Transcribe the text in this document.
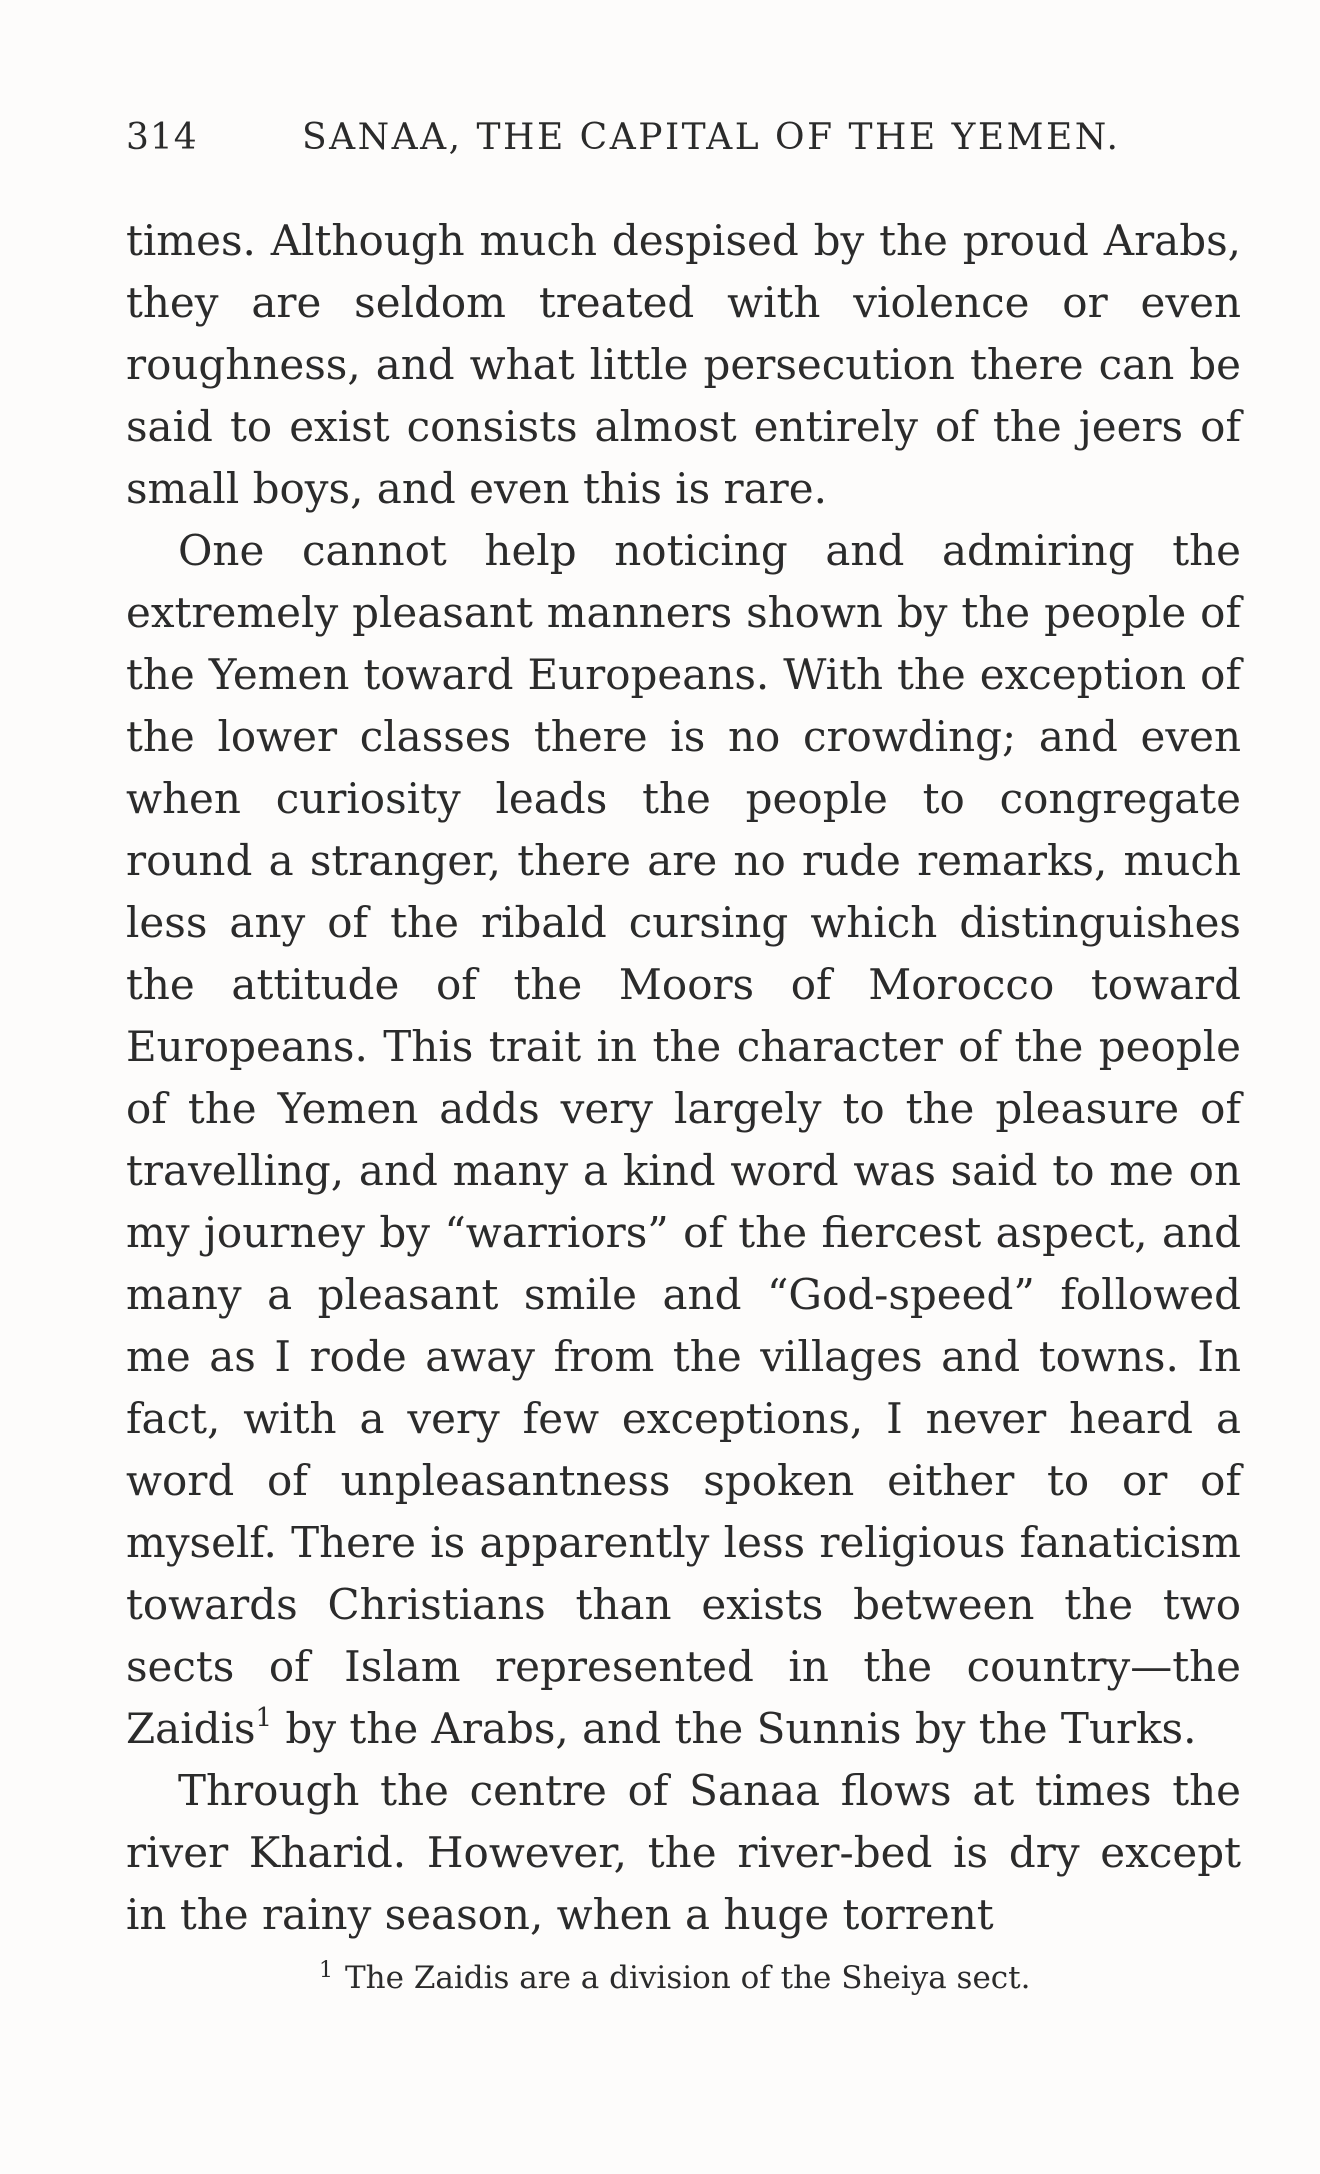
314	SANAA, THE CAPITAL OF THE YEMEN.

times. Although much despised by the proud Arabs, they are seldom treated with violence or even roughness, and what little persecution there can be said to exist consists almost entirely of the jeers of small boys, and even this is rare.

One cannot help noticing and admiring the extremely pleasant manners shown by the people of the Yemen toward Europeans. With the exception of the lower classes there is no crowding; and even when curiosity leads the people to congregate round a stranger, there are no rude remarks, much less any of the ribald cursing which distinguishes the attitude of the Moors of Morocco toward Europeans. This trait in the character of the people of the Yemen adds very largely to the pleasure of travelling, and many a kind word was said to me on my journey by “warriors” of the fiercest aspect, and many a pleasant smile and “God-speed” followed me as I rode away from the villages and towns. In fact, with a very few exceptions, I never heard a word of unpleasantness spoken either to or of myself. There is apparently less religious fanaticism towards Christians than exists between the two sects of Islam represented in the country—the Zaidis$^1$ by the Arabs, and the Sunnis by the Turks.

Through the centre of Sanaa flows at times the river Kharid. However, the river-bed is dry except in the rainy season, when a huge torrent

$^1$ The Zaidis are a division of the Sheiya sect.
